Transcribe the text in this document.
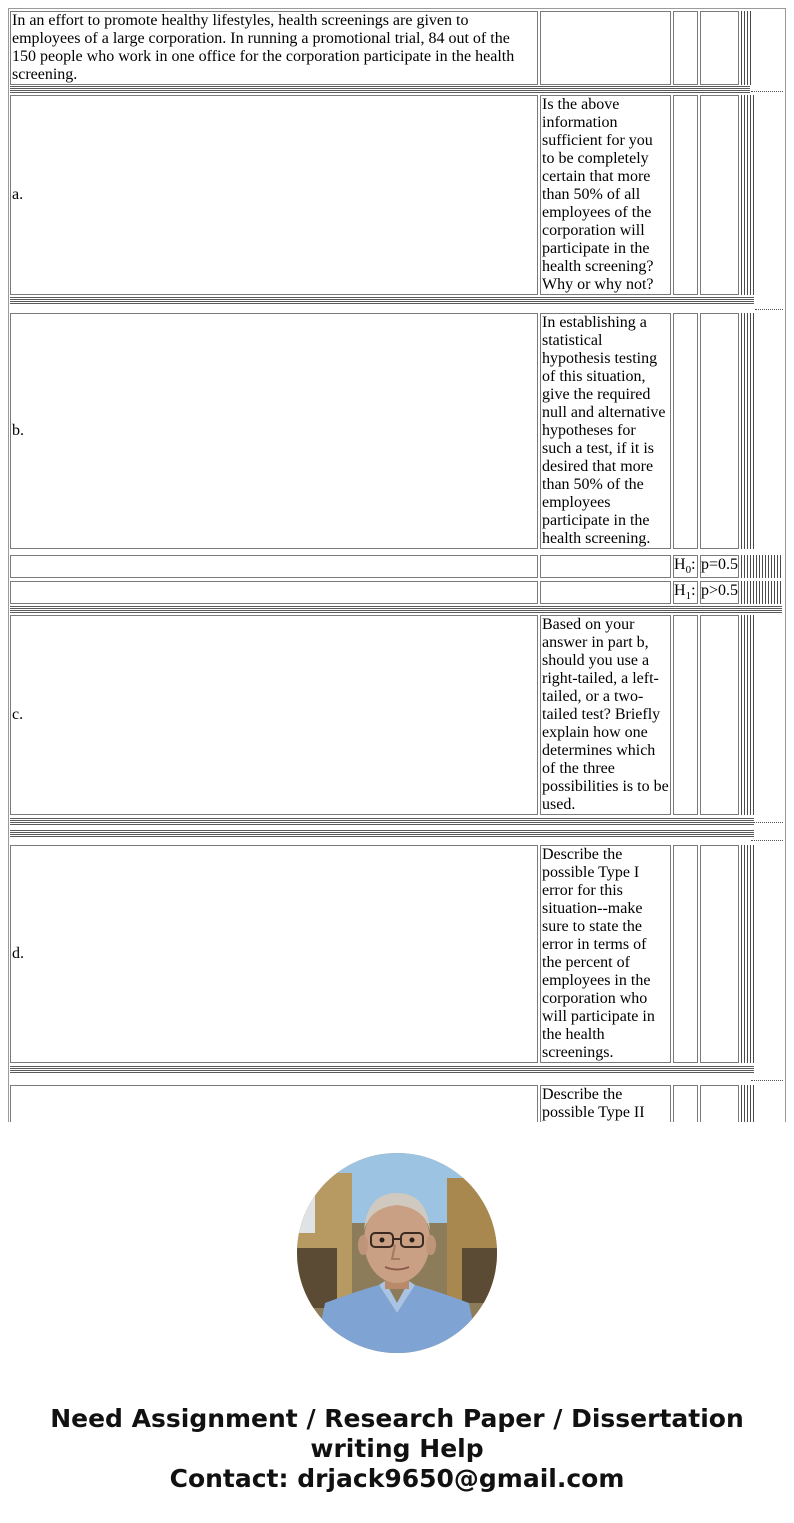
In an effort to promote healthy lifestyles, health screenings are given to employees of a large corporation. In running a promotional trial, 84 out of the 150 people who work in one office for the corporation participate in the health screening.
a.
Is the above information sufficient for you to be completely certain that more than 50% of all employees of the corporation will participate in the health screening? Why or why not?
b.
In establishing a statistical hypothesis testing of this situation, give the required null and alternative hypotheses for such a test, if it is desired that more than 50% of the employees participate in the health screening.
$H_0$: p=0.5
$H_1$: p>0.5
c.
Based on your answer in part b, should you use a right-tailed, a left-tailed, or a two-tailed test? Briefly explain how one determines which of the three possibilities is to be used.
d.
Describe the possible Type I error for this situation--make sure to state the error in terms of the percent of employees in the corporation who will participate in the health screenings.
Describe the possible Type II
Need Assignment / Research Paper / Dissertation
writing Help
Contact: drjack9650@gmail.com
